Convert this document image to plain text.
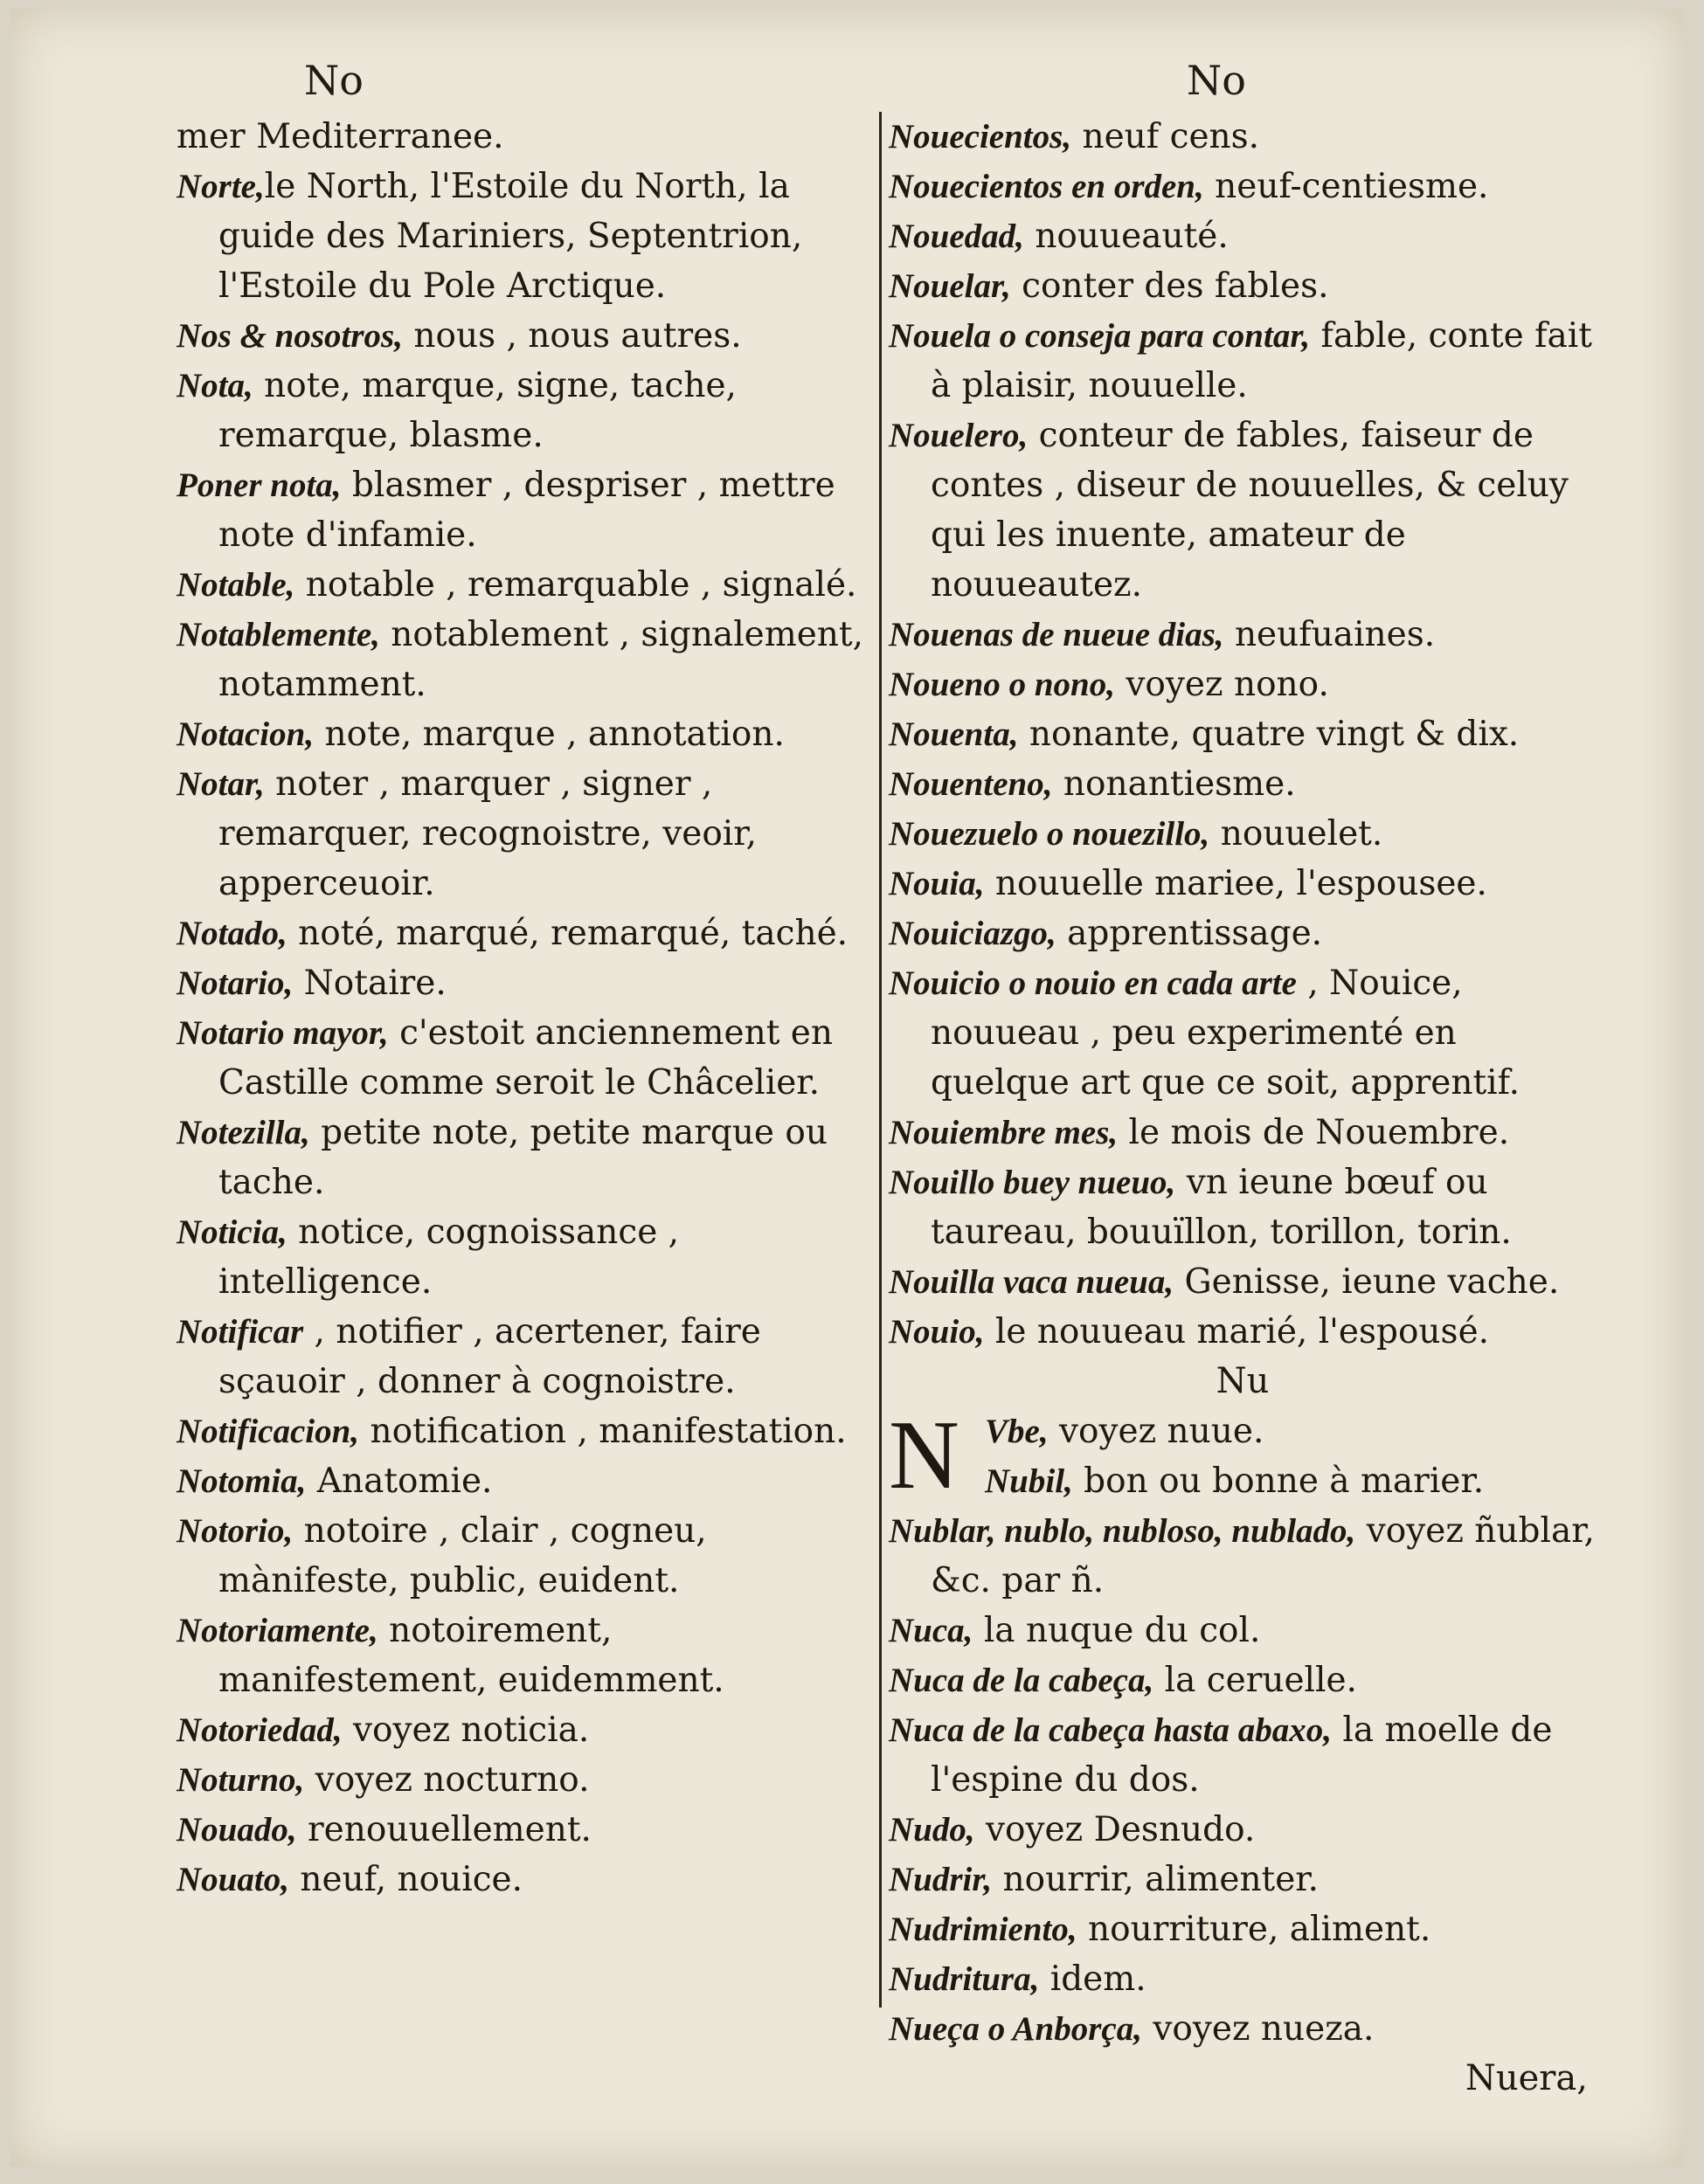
No	No
mer Mediterranee.
Norte,le North, l'Estoile du North, la guide des Mariniers, Septentrion, l'Estoile du Pole Arctique.
Nos & nosotros, nous , nous autres.
Nota, note, marque, signe, tache, remarque, blasme.
Poner nota, blasmer , despriser , mettre note d'infamie.
Notable, notable , remarquable , signalé.
Notablemente, notablement , signalement, notamment.
Notacion, note, marque , annotation.
Notar, noter , marquer , signer , remarquer, recognoistre, veoir, apperceuoir.
Notado, noté, marqué, remarqué, taché.
Notario, Notaire.
Notario mayor, c'estoit anciennement en Castille comme seroit le Châcelier.
Notezilla, petite note, petite marque ou tache.
Noticia, notice, cognoissance , intelligence.
Notificar , notifier , acertener, faire sçauoir , donner à cognoistre.
Notificacion, notification , manifestation.
Notomia, Anatomie.
Notorio, notoire , clair , cogneu, mànifeste, public, euident.
Notoriamente, notoirement, manifestement, euidemment.
Notoriedad, voyez noticia.
Noturno, voyez nocturno.
Nouado, renouuellement.
Nouato, neuf, nouice.
Nouecientos, neuf cens.
Nouecientos en orden, neuf-centiesme.
Nouedad, nouueauté.
Nouelar, conter des fables.
Nouela o conseja para contar, fable, conte fait à plaisir, nouuelle.
Nouelero, conteur de fables, faiseur de contes , diseur de nouuelles, & celuy qui les inuente, amateur de nouueautez.
Nouenas de nueue dias, neufuaines.
Noueno o nono, voyez nono.
Nouenta, nonante, quatre vingt & dix.
Nouenteno, nonantiesme.
Nouezuelo o nouezillo, nouuelet.
Nouia, nouuelle mariee, l'espousee.
Nouiciazgo, apprentissage.
Nouicio o nouio en cada arte , Nouice, nouueau , peu experimenté en quelque art que ce soit, apprentif.
Nouiembre mes, le mois de Nouembre.
Nouillo buey nueuo, vn ieune bœuf ou taureau, bouuïllon, torillon, torin.
Nouilla vaca nueua, Genisse, ieune vache.
Nouio, le nouueau marié, l'espousé.
Nu
N Vbe, voyez nuue.
Nubil, bon ou bonne à marier.
Nublar, nublo, nubloso, nublado, voyez ñublar, &c. par ñ.
Nuca, la nuque du col.
Nuca de la cabeça, la ceruelle.
Nuca de la cabeça hasta abaxo, la moelle de l'espine du dos.
Nudo, voyez Desnudo.
Nudrir, nourrir, alimenter.
Nudrimiento, nourriture, aliment.
Nudritura, idem.
Nueça o Anborça, voyez nueza.
Nuera,
